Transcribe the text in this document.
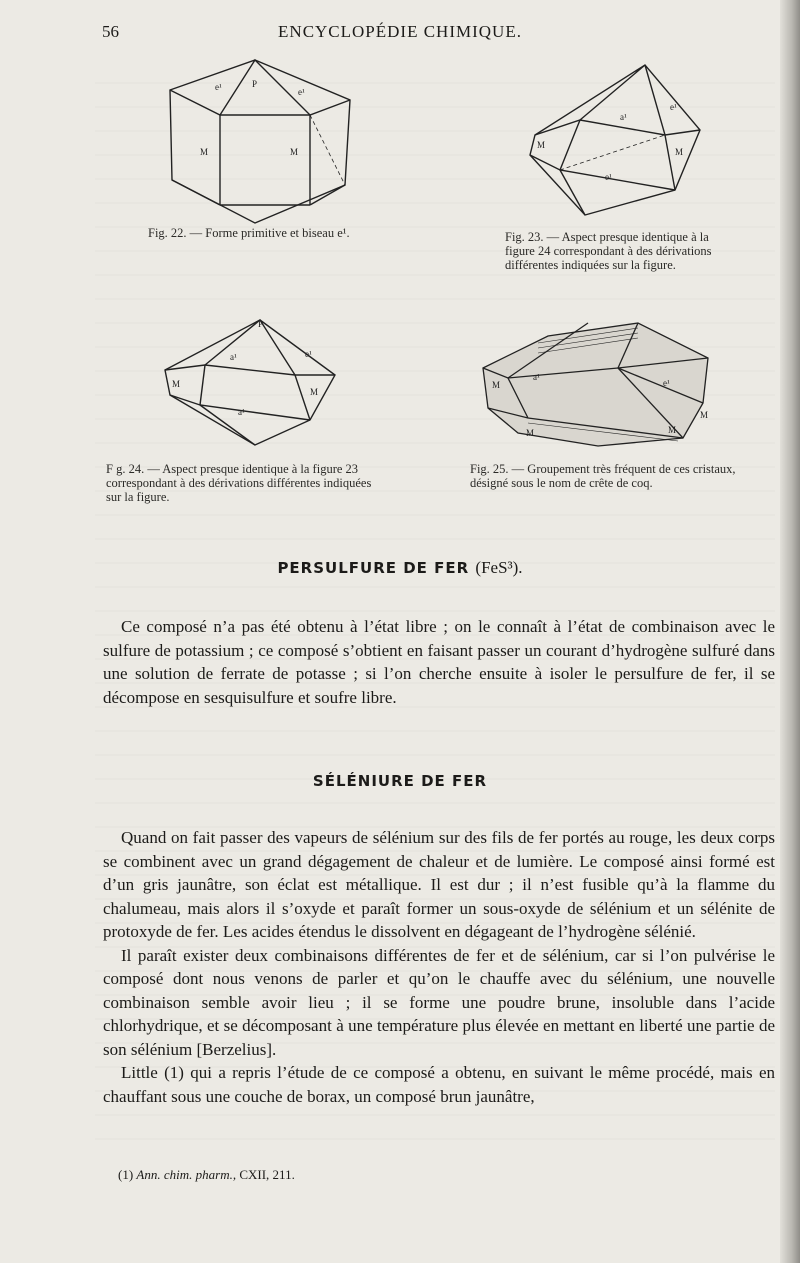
56	ENCYCLOPÉDIE CHIMIQUE.
P
e¹	e¹
M	M
Fig. 22. — Forme primitive et biseau e¹.
a¹
e¹
M
M
e¹
Fig. 23. — Aspect presque identique à la figure 24 correspondant à des dérivations différentes indiquées sur la figure.
P
a¹	e¹
M
M
a¹
F g. 24. — Aspect presque identique à la figure 23 correspondant à des dérivations différentes indiquées sur la figure.
a¹
e¹
M
M	M
M
Fig. 25. — Groupement très fréquent de ces cristaux, désigné sous le nom de crête de coq.
PERSULFURE DE FER (FeS³).

Ce composé n’a pas été obtenu à l’état libre ; on le connaît à l’état de combinaison avec le sulfure de potassium ; ce composé s’obtient en faisant passer un courant d’hydrogène sulfuré dans une solution de ferrate de potasse ; si l’on cherche ensuite à isoler le persulfure de fer, il se décompose en sesquisulfure et soufre libre.

SÉLÉNIURE DE FER

Quand on fait passer des vapeurs de sélénium sur des fils de fer portés au rouge, les deux corps se combinent avec un grand dégagement de chaleur et de lumière. Le composé ainsi formé est d’un gris jaunâtre, son éclat est métallique. Il est dur ; il n’est fusible qu’à la flamme du chalumeau, mais alors il s’oxyde et paraît former un sous-oxyde de sélénium et un sélénite de protoxyde de fer. Les acides étendus le dissolvent en dégageant de l’hydrogène sélénié.

Il paraît exister deux combinaisons différentes de fer et de sélénium, car si l’on pulvérise le composé dont nous venons de parler et qu’on le chauffe avec du sélénium, une nouvelle combinaison semble avoir lieu ; il se forme une poudre brune, insoluble dans l’acide chlorhydrique, et se décomposant à une température plus élevée en mettant en liberté une partie de son sélénium [Berzelius].

Little (1) qui a repris l’étude de ce composé a obtenu, en suivant le même procédé, mais en chauffant sous une couche de borax, un composé brun jaunâtre,

(1) Ann. chim. pharm., CXII, 211.
